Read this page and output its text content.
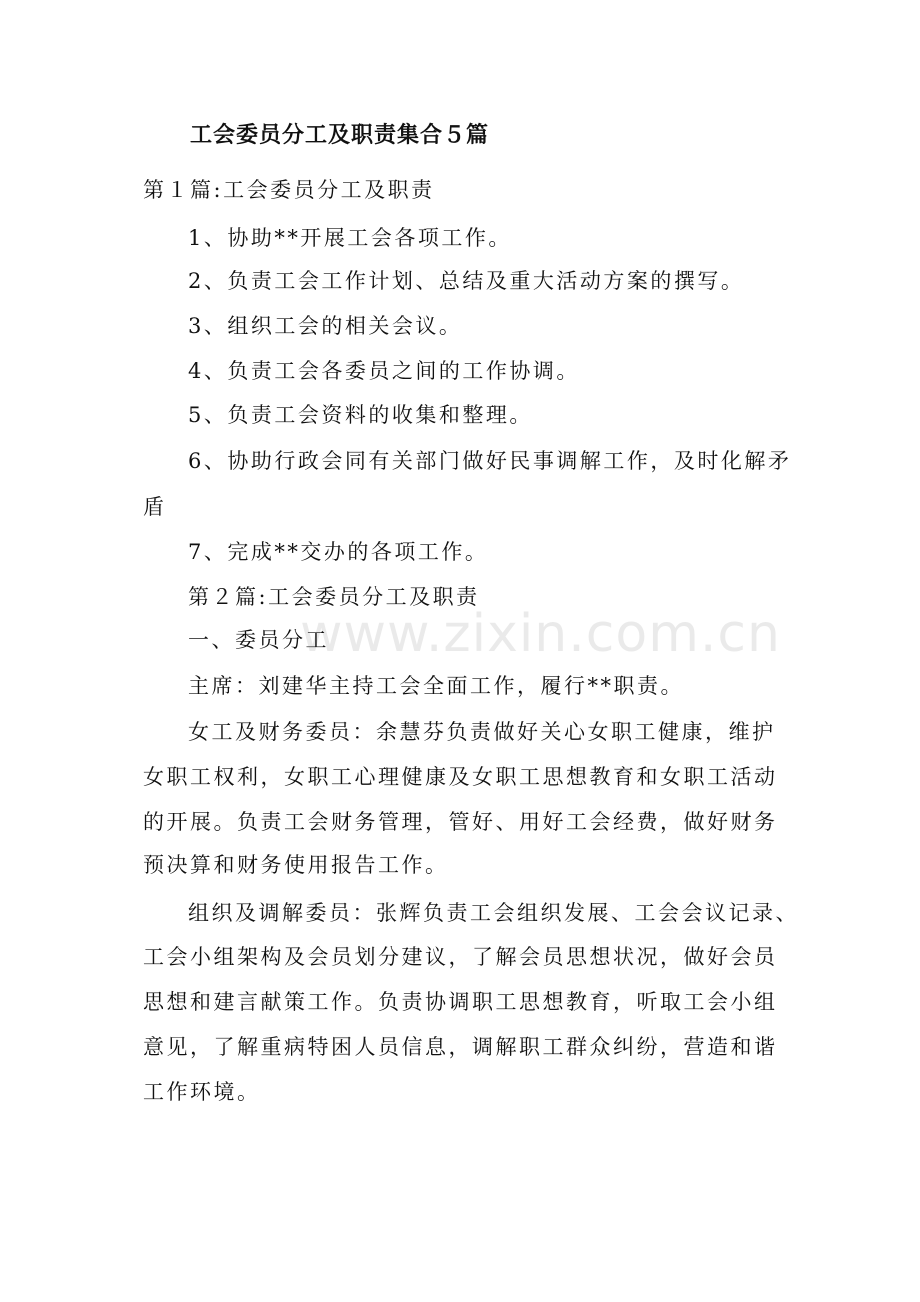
工会委员分工及职责集合５篇
www.zixin.com.cn
第１篇:工会委员分工及职责
1、协助**开展工会各项工作。
2、负责工会工作计划、总结及重大活动方案的撰写。
3、组织工会的相关会议。
4、负责工会各委员之间的工作协调。
5、负责工会资料的收集和整理。
6、协助行政会同有关部门做好民事调解工作，及时化解矛
盾
7、完成**交办的各项工作。
第２篇:工会委员分工及职责
一、委员分工
主席：刘建华主持工会全面工作，履行**职责。
女工及财务委员：余慧芬负责做好关心女职工健康，维护
女职工权利，女职工心理健康及女职工思想教育和女职工活动
的开展。负责工会财务管理，管好、用好工会经费，做好财务
预决算和财务使用报告工作。
组织及调解委员：张辉负责工会组织发展、工会会议记录、
工会小组架构及会员划分建议，了解会员思想状况，做好会员
思想和建言献策工作。负责协调职工思想教育，听取工会小组
意见，了解重病特困人员信息，调解职工群众纠纷，营造和谐
工作环境。
